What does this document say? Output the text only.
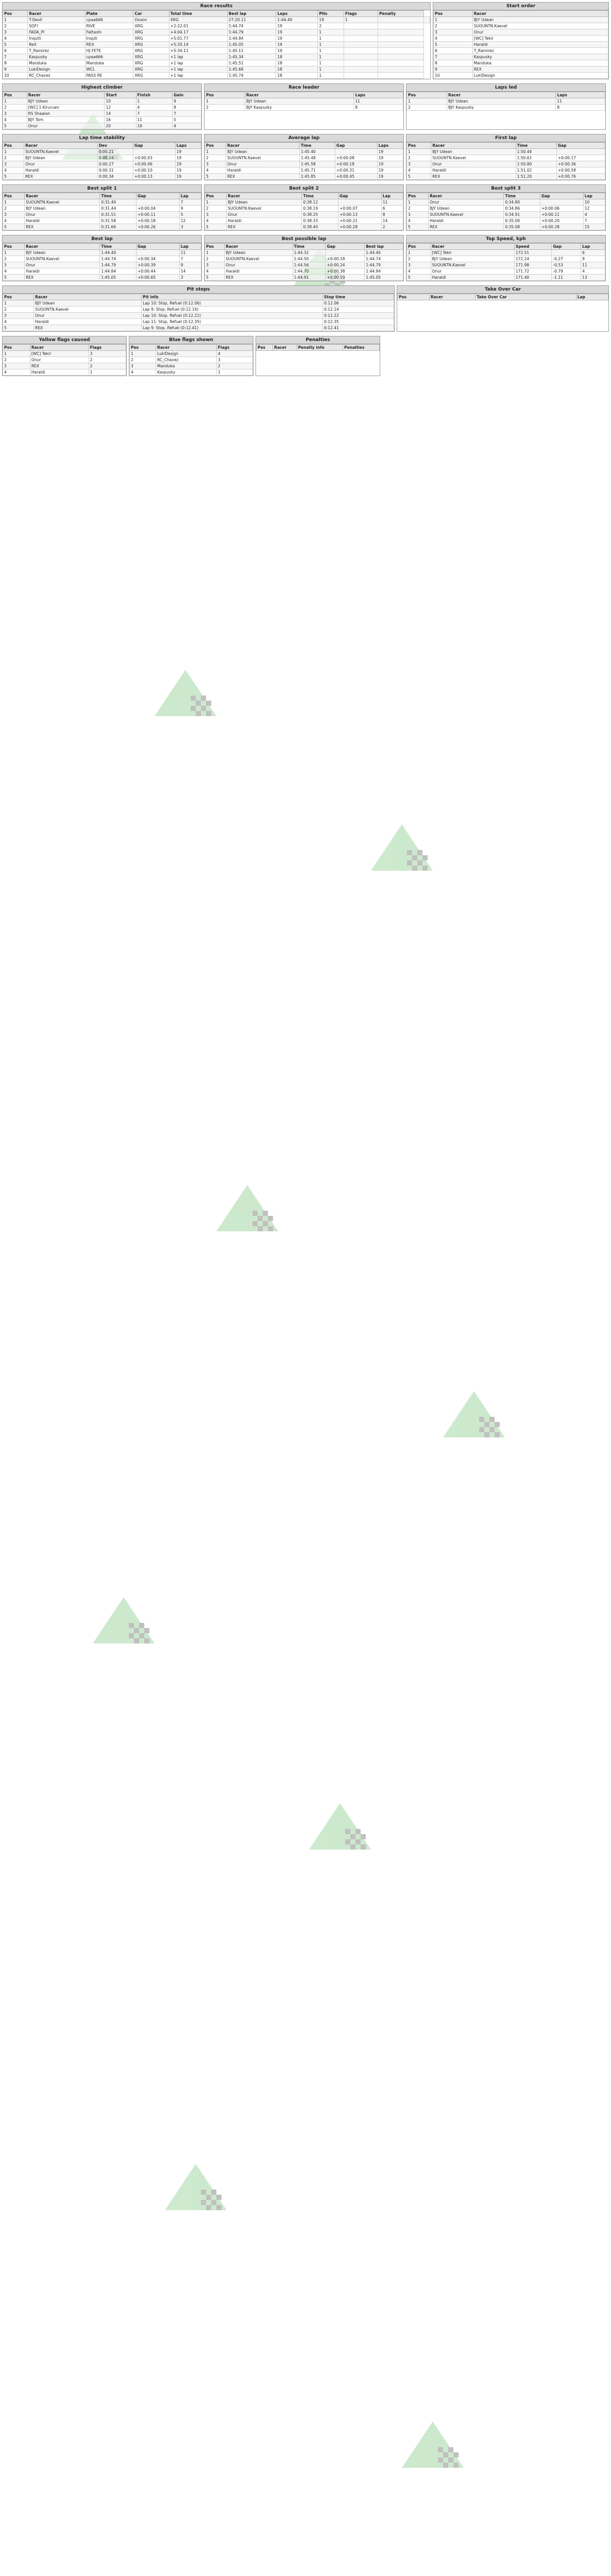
Race results
Pos	Racer	Plate	Car	Total time	Best lap	Laps	Pits	Flags	Penalty	
1	T-Devil	cpaa666	Oxxon	XRG	27:20.11	1:44.40	19	1		
2	SOFI	RIVE	XRG	+2:22.01	1:44.74	19	2			
3	FADA_PI	Fattashi	XRG	+4:04.17	1:44.79	19	1			
4	Inquiti	Inquti	XRG	+5:01.77	1:44.84	19	1			
5	ReX	REX	XRG	+5:20.14	1:45.05	19	1			
6	T_Ramirez	HJ FETE	XRG	+5:34.11	1:45.11	19	1			
7	Kaspusky	cpaa666	XRG	+1 lap	1:45.34	18	1			
8	Manduka	Manduka	XRG	+1 lap	1:45.51	18	1			
9	LukiDesign	WCL	XRG	+1 lap	1:45.68	18	1			
10	RC_Chavez	PASS RE	XRG	+1 lap	1:45.74	18	1			
Start order
Pos	Racer
1	BJY Udean
2	SUOUNTN.Kaevel
3	Onur
4	[WC] Tekir
5	Haraldi
6	T_Ramirez
7	Kaspusky
8	Manduka
9	REX
10	LukiDesign
Highest climber
Pos	Racer	Start	Finish	Gain
1	BJY Udean	10	1	9
2	[WC] 1 Kiruruen	12	4	8
3	RS Shaalan	14	7	7
4	BJY Tom	16	11	5
5	Onur	20	16	4
Race leader
Pos	Racer	Laps
1	BJY Udean	11
2	BJY Kaspusky	8
Laps led
Pos	Racer	Laps
1	BJY Udean	11
2	BJY Kaspusky	8
Lap time stability
Pos	Racer	Dev	Gap	Laps
1	SUOUNTN.Kaevel	0:00.21		19
2	BJY Udean	0:00.24	+0:00.03	19
3	Onur	0:00.27	+0:00.06	19
4	Haraldi	0:00.31	+0:00.10	19
5	REX	0:00.34	+0:00.13	19
Average lap
Pos	Racer	Time	Gap	Laps
1	BJY Udean	1:45.40		19
2	SUOUNTN.Kaevel	1:45.48	+0:00.08	19
3	Onur	1:45.58	+0:00.18	19
4	Haraldi	1:45.71	+0:00.31	19
5	REX	1:45.85	+0:00.45	19
First lap
Pos	Racer	Time	Gap
1	BJY Udean	1:50.44	
2	SUOUNTN.Kaevel	1:50.61	+0:00.17
3	Onur	1:50.80	+0:00.36
4	Haraldi	1:51.02	+0:00.58
5	REX	1:51.20	+0:00.76
Best split 1
Pos	Racer	Time	Gap	Lap
1	SUOUNTN.Kaevel	0:31.40		7
2	BJY Udean	0:31.44	+0:00.04	9
3	Onur	0:31.51	+0:00.11	5
4	Haraldi	0:31.58	+0:00.18	12
5	REX	0:31.66	+0:00.26	3
Best split 2
Pos	Racer	Time	Gap	Lap
1	BJY Udean	0:38.12		11
2	SUOUNTN.Kaevel	0:38.19	+0:00.07	6
3	Onur	0:38.25	+0:00.13	8
4	Haraldi	0:38.33	+0:00.21	14
5	REX	0:38.40	+0:00.28	2
Best split 3
Pos	Racer	Time	Gap	Lap
1	Onur	0:34.80		10
2	BJY Udean	0:34.86	+0:00.06	12
3	SUOUNTN.Kaevel	0:34.91	+0:00.11	4
4	Haraldi	0:35.00	+0:00.20	7
5	REX	0:35.08	+0:00.28	15
Best lap
Pos	Racer	Time	Gap	Lap
1	BJY Udean	1:44.40		11
2	SUOUNTN.Kaevel	1:44.74	+0:00.34	7
3	Onur	1:44.79	+0:00.39	9
4	Haraldi	1:44.84	+0:00.44	14
5	REX	1:45.05	+0:00.65	3
Best possible lap
Pos	Racer	Time	Gap	Best lap
1	BJY Udean	1:44.32		1:44.40
2	SUOUNTN.Kaevel	1:44.50	+0:00.18	1:44.74
3	Onur	1:44.56	+0:00.24	1:44.79
4	Haraldi	1:44.70	+0:00.38	1:44.84
5	REX	1:44.91	+0:00.59	1:45.05
Top Speed, kph
Pos	Racer	Speed	Gap	Lap
1	[WC] Tekir	172.51		6
2	BJY Udean	172.24	-0.27	9
3	SUOUNTN.Kaevel	171.98	-0.53	11
4	Onur	171.72	-0.79	4
5	Haraldi	171.40	-1.11	13
Pit stops
Pos	Racer	Pit info	Stop time
1	BJY Udean	Lap 10: Stop, Refuel (0:12.06)	0:12.06
2	SUOUNTN.Kaevel	Lap 9: Stop, Refuel (0:12.14)	0:12.14
3	Onur	Lap 10: Stop, Refuel (0:12.22)	0:12.22
4	Haraldi	Lap 11: Stop, Refuel (0:12.35)	0:12.35
5	REX	Lap 9: Stop, Refuel (0:12.41)	0:12.41
Take Over Car
Pos	Racer	Take Over Car	Lap
Yellow flags caused
Pos	Racer	Flags
1	[WC] Tekir	3
2	Onur	2
3	REX	2
4	Haraldi	1
Blue flags shown
Pos	Racer	Flags
1	LukiDesign	4
2	RC_Chavez	3
3	Manduka	2
4	Kaspusky	1
Penalties
Pos	Racer	Penalty info	Penalties
